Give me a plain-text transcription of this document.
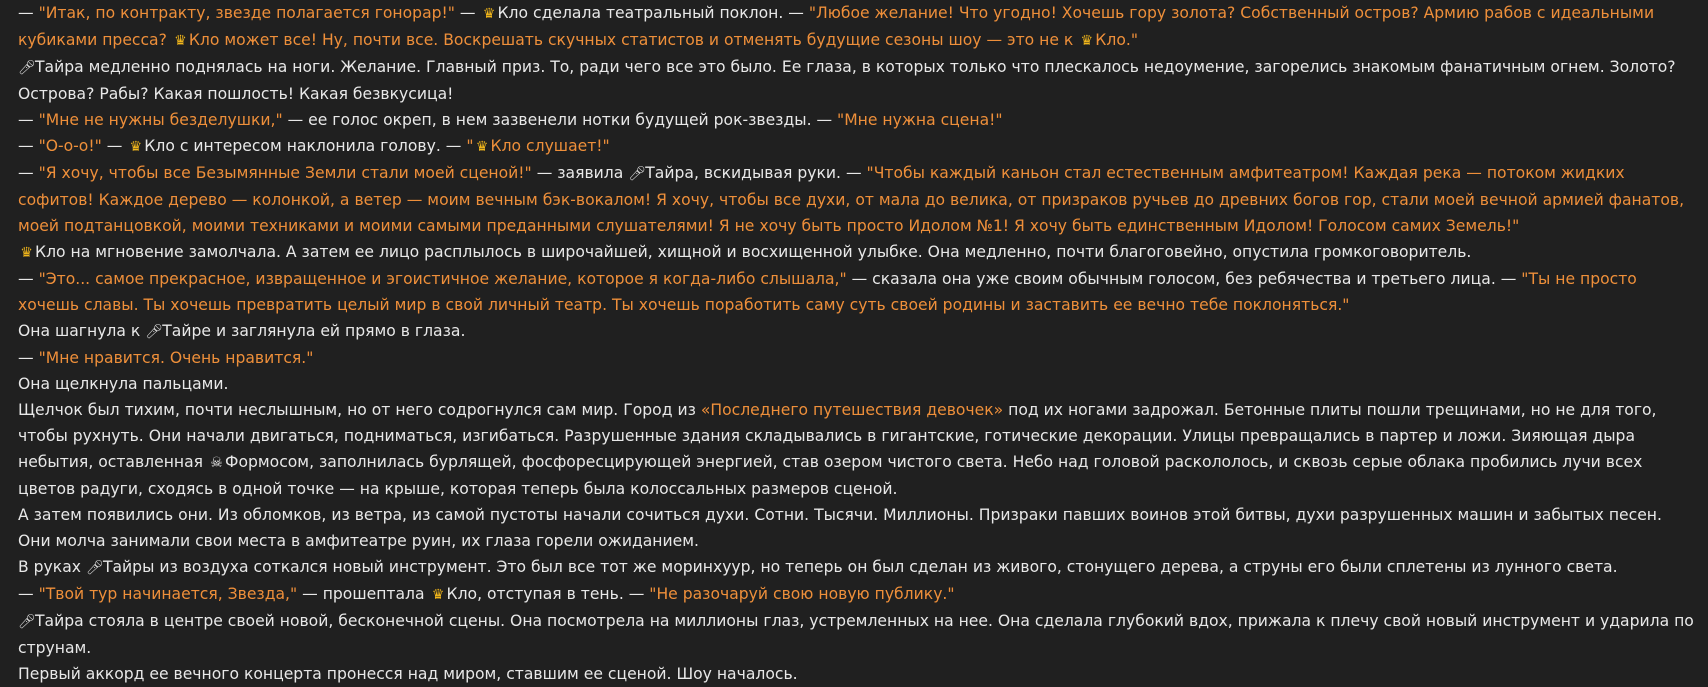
— "Итак, по контракту, звезде полагается гонорар!" — ♛ Кло сделала театральный поклон. — "Любое желание! Что угодно! Хочешь гору золота? Собственный остров? Армию рабов с идеальными кубиками пресса? ♛ Кло может все! Ну, почти все. Воскрешать скучных статистов и отменять будущие сезоны шоу — это не к ♛ Кло."

🎤︎Тайра медленно поднялась на ноги. Желание. Главный приз. То, ради чего все это было. Ее глаза, в которых только что плескалось недоумение, загорелись знакомым фанатичным огнем. Золото? Острова? Рабы? Какая пошлость! Какая безвкусица!

— "Мне не нужны безделушки," — ее голос окреп, в нем зазвенели нотки будущей рок-звезды. — "Мне нужна сцена!"

— "О-о-о!" — ♛ Кло с интересом наклонила голову. — " ♛ Кло слушает!"

— "Я хочу, чтобы все Безымянные Земли стали моей сценой!" — заявила 🎤︎Тайра, вскидывая руки. — "Чтобы каждый каньон стал естественным амфитеатром! Каждая река — потоком жидких софитов! Каждое дерево — колонкой, а ветер — моим вечным бэк-вокалом! Я хочу, чтобы все духи, от мала до велика, от призраков ручьев до древних богов гор, стали моей вечной армией фанатов, моей подтанцовкой, моими техниками и моими самыми преданными слушателями! Я не хочу быть просто Идолом №1! Я хочу быть единственным Идолом! Голосом самих Земель!"

♛ Кло на мгновение замолчала. А затем ее лицо расплылось в широчайшей, хищной и восхищенной улыбке. Она медленно, почти благоговейно, опустила громкоговоритель.

— "Это... самое прекрасное, извращенное и эгоистичное желание, которое я когда-либо слышала," — сказала она уже своим обычным голосом, без ребячества и третьего лица. — "Ты не просто хочешь славы. Ты хочешь превратить целый мир в свой личный театр. Ты хочешь поработить саму суть своей родины и заставить ее вечно тебе поклоняться."

Она шагнула к 🎤︎Тайре и заглянула ей прямо в глаза.

— "Мне нравится. Очень нравится."

Она щелкнула пальцами.

Щелчок был тихим, почти неслышным, но от него содрогнулся сам мир. Город из «Последнего путешествия девочек» под их ногами задрожал. Бетонные плиты пошли трещинами, но не для того, чтобы рухнуть. Они начали двигаться, подниматься, изгибаться. Разрушенные здания складывались в гигантские, готические декорации. Улицы превращались в партер и ложи. Зияющая дыра небытия, оставленная ☠ Формосом, заполнилась бурлящей, фосфоресцирующей энергией, став озером чистого света. Небо над головой раскололось, и сквозь серые облака пробились лучи всех цветов радуги, сходясь в одной точке — на крыше, которая теперь была колоссальных размеров сценой.

А затем появились они. Из обломков, из ветра, из самой пустоты начали сочиться духи. Сотни. Тысячи. Миллионы. Призраки павших воинов этой битвы, духи разрушенных машин и забытых песен. Они молча занимали свои места в амфитеатре руин, их глаза горели ожиданием.

В руках 🎤︎Тайры из воздуха соткался новый инструмент. Это был все тот же моринхуур, но теперь он был сделан из живого, стонущего дерева, а струны его были сплетены из лунного света.

— "Твой тур начинается, Звезда," — прошептала ♛ Кло, отступая в тень. — "Не разочаруй свою новую публику."

🎤︎Тайра стояла в центре своей новой, бесконечной сцены. Она посмотрела на миллионы глаз, устремленных на нее. Она сделала глубокий вдох, прижала к плечу свой новый инструмент и ударила по струнам.

Первый аккорд ее вечного концерта пронесся над миром, ставшим ее сценой. Шоу началось.
